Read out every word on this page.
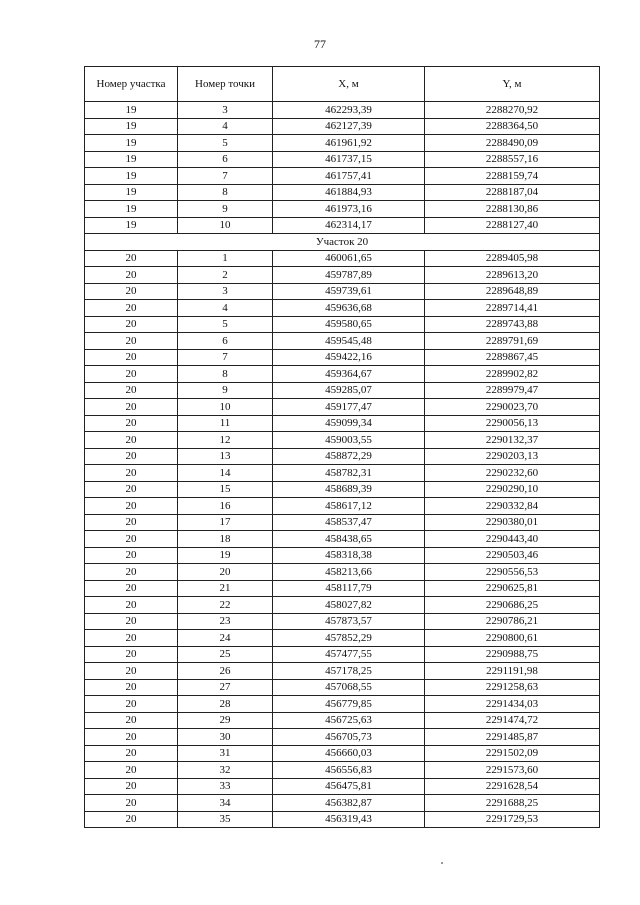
77
Номер участка	Номер точки	X, м	Y, м
19	3	462293,39	2288270,92
19	4	462127,39	2288364,50
19	5	461961,92	2288490,09
19	6	461737,15	2288557,16
19	7	461757,41	2288159,74
19	8	461884,93	2288187,04
19	9	461973,16	2288130,86
19	10	462314,17	2288127,40
Участок 20			
20	1	460061,65	2289405,98
20	2	459787,89	2289613,20
20	3	459739,61	2289648,89
20	4	459636,68	2289714,41
20	5	459580,65	2289743,88
20	6	459545,48	2289791,69
20	7	459422,16	2289867,45
20	8	459364,67	2289902,82
20	9	459285,07	2289979,47
20	10	459177,47	2290023,70
20	11	459099,34	2290056,13
20	12	459003,55	2290132,37
20	13	458872,29	2290203,13
20	14	458782,31	2290232,60
20	15	458689,39	2290290,10
20	16	458617,12	2290332,84
20	17	458537,47	2290380,01
20	18	458438,65	2290443,40
20	19	458318,38	2290503,46
20	20	458213,66	2290556,53
20	21	458117,79	2290625,81
20	22	458027,82	2290686,25
20	23	457873,57	2290786,21
20	24	457852,29	2290800,61
20	25	457477,55	2290988,75
20	26	457178,25	2291191,98
20	27	457068,55	2291258,63
20	28	456779,85	2291434,03
20	29	456725,63	2291474,72
20	30	456705,73	2291485,87
20	31	456660,03	2291502,09
20	32	456556,83	2291573,60
20	33	456475,81	2291628,54
20	34	456382,87	2291688,25
20	35	456319,43	2291729,53
